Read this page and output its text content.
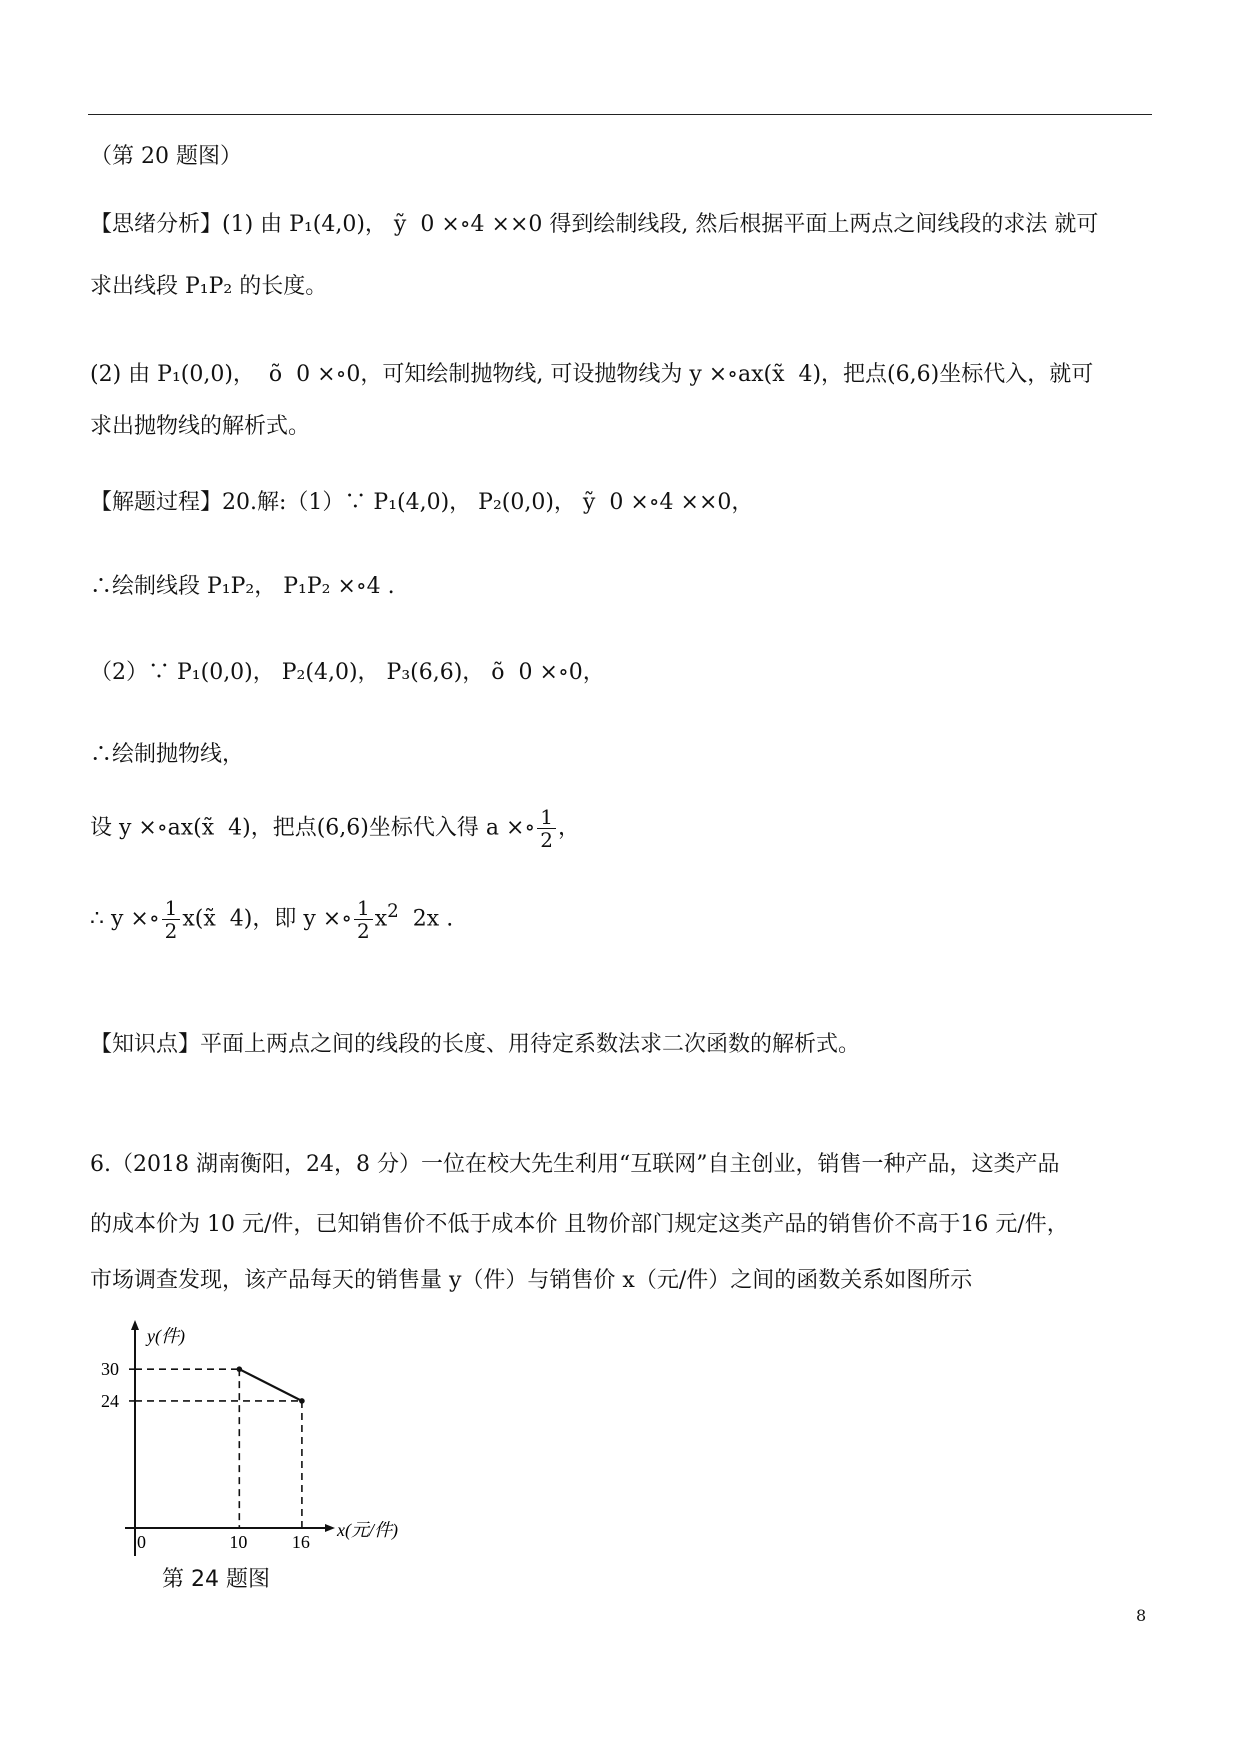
（第 20 题图）
【思绪分析】(1) 由 P₁(4,0)， ỹ  0 ×∘4 ××0 得到绘制线段, 然后根据平面上两点之间线段的求法 就可
求出线段 P₁P₂ 的长度。
(2) 由 P₁(0,0)，  õ  0 ×∘0，可知绘制抛物线, 可设抛物线为 y ×∘ax(x̃  4)，把点(6,6)坐标代入，就可
求出抛物线的解析式。
【解题过程】20.解:（1）∵ P₁(4,0)， P₂(0,0)， ỹ  0 ×∘4 ××0，
∴绘制线段 P₁P₂， P₁P₂ ×∘4 .
（2）∵ P₁(0,0)， P₂(4,0)， P₃(6,6)， õ  0 ×∘0，
∴绘制抛物线，
设 y ×∘ax(x̃  4)，把点(6,6)坐标代入得 a ×∘ $\frac{1}{2}$ ，
∴ y ×∘ $\frac{1}{2}$ x(x̃  4)，即 y ×∘ $\frac{1}{2} x^2$  2x .
【知识点】平面上两点之间的线段的长度、用待定系数法求二次函数的解析式。
6.（2018 湖南衡阳，24，8 分）一位在校大先生利用“互联网”自主创业，销售一种产品，这类产品
的成本价为 10 元/件，已知销售价不低于成本价 且物价部门规定这类产品的销售价不高于16 元/件，
市场调查发现，该产品每天的销售量 y（件）与销售价 x（元/件）之间的函数关系如图所示
y(件)
x(元/件)
0
30
10
24
16
第 24 题图
8
